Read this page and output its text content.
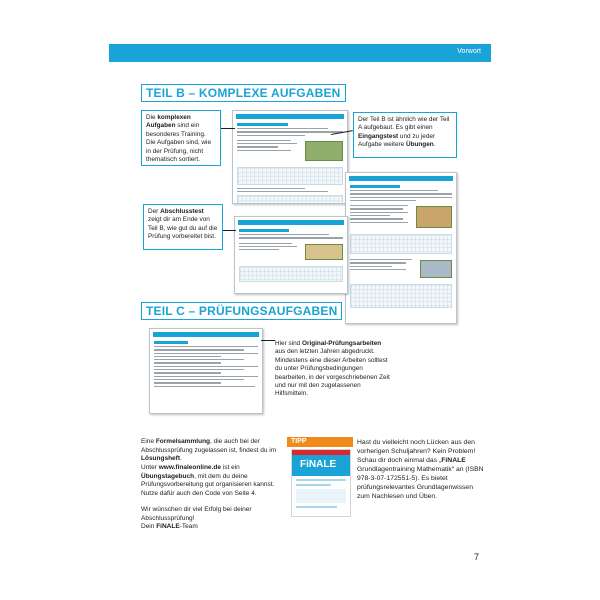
Vorwort
TEIL B – KOMPLEXE AUFGABEN
Die komplexen Aufgaben sind ein besonderes Training. Die Aufgaben sind, wie in der Prüfung, nicht thematisch sortiert.
Der Teil B ist ähnlich wie der Teil A aufgebaut. Es gibt einen Eingangstest und zu jeder Aufgabe weitere Übungen.
Der Abschlusstest zeigt dir am Ende von Teil B, wie gut du auf die Prüfung vorbereitet bist.
TEIL C – PRÜFUNGSAUFGABEN
Hier sind Original-Prüfungsarbeiten aus den letzten Jahren abgedruckt. Mindestens eine dieser Arbeiten solltest du unter Prüfungsbedingungen bearbeiten, in der vorgeschriebenen Zeit und nur mit den zugelassenen Hilfsmitteln.
Eine Formelsammlung, die auch bei der Abschlussprüfung zugelassen ist, findest du im Lösungsheft.
Unter www.finaleonline.de ist ein Übungstagebuch, mit dem du deine Prüfungsvorbereitung gut organisieren kannst. Nutze dafür auch den Code von Seite 4.
Wir wünschen dir viel Erfolg bei deiner Abschlussprüfung!
Dein FiNALE-Team
TIPP
FiNALE
Hast du vielleicht noch Lücken aus den vorherigen Schuljahren? Kein Problem! Schau dir doch einmal das „FiNALE Grundlagentraining Mathematik“ an (ISBN 978-3-07-172551-5). Es bietet prüfungsrelevantes Grundlagenwissen zum Nachlesen und Üben.
7
